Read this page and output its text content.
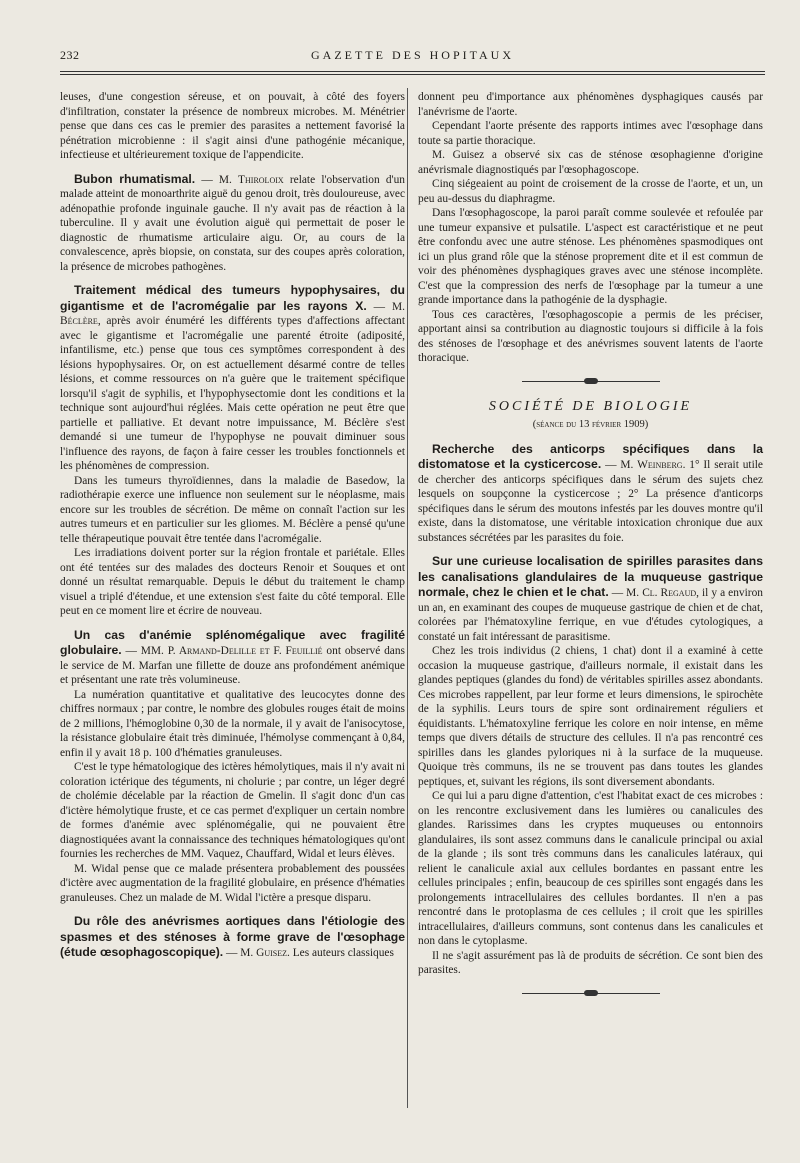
232	GAZETTE DES HOPITAUX

leuses, d'une congestion séreuse, et on pouvait, à côté des foyers d'infiltration, constater la présence de nombreux microbes. M. Ménétrier pense que dans ces cas le premier des parasites a nettement favorisé la pénétration microbienne : il s'agit ainsi d'une pathogénie mécanique, infectieuse et ultérieurement toxique de l'appendicite.

Bubon rhumatismal. — M. Thiroloix relate l'observation d'un malade atteint de monoarthrite aiguë du genou droit, très douloureuse, avec adénopathie profonde inguinale gauche. Il n'y avait pas de réaction à la tuberculine. Il y avait une évolution aiguë qui permettait de poser le diagnostic de rhumatisme articulaire aigu. Or, au cours de la convalescence, après biopsie, on constata, sur des coupes après coloration, la présence de microbes pathogènes.

Traitement médical des tumeurs hypophysaires, du gigantisme et de l'acromégalie par les rayons X. — M. Béclère, après avoir énuméré les différents types d'affections affectant avec le gigantisme et l'acromégalie une parenté étroite (adiposité, infantilisme, etc.) pense que tous ces symptômes correspondent à des lésions hypophysaires. Or, on est actuellement désarmé contre de telles lésions, et comme ressources on n'a guère que le traitement spécifique lorsqu'il s'agit de syphilis, et l'hypophysectomie dont les conditions et la technique sont aujourd'hui réglées. Mais cette opération ne peut être que partielle et palliative. Et devant notre impuissance, M. Béclère s'est demandé si une tumeur de l'hypophyse ne pouvait diminuer sous l'influence des rayons, de façon à faire cesser les troubles fonctionnels et les phénomènes de compression.

Dans les tumeurs thyroïdiennes, dans la maladie de Basedow, la radiothérapie exerce une influence non seulement sur le néoplasme, mais encore sur les troubles de sécrétion. De même on connaît l'action sur les autres tumeurs et en particulier sur les gliomes. M. Béclère a pensé qu'une telle thérapeutique pouvait être tentée dans l'acromégalie.

Les irradiations doivent porter sur la région frontale et pariétale. Elles ont été tentées sur des malades des docteurs Renoir et Souques et ont donné un résultat remarquable. Depuis le début du traitement le champ visuel a triplé d'étendue, et une extension s'est faite du côté temporal. Elle peut en ce moment lire et écrire de nouveau.

Un cas d'anémie splénomégalique avec fragilité globulaire. — MM. P. Armand-Delille et F. Feuillié ont observé dans le service de M. Marfan une fillette de douze ans profondément anémique et présentant une rate très volumineuse.

La numération quantitative et qualitative des leucocytes donne des chiffres normaux ; par contre, le nombre des globules rouges était de moins de 2 millions, l'hémoglobine 0,30 de la normale, il y avait de l'anisocytose, la résistance globulaire était très diminuée, l'hémolyse commençant à 0,84, enfin il y avait 18 p. 100 d'hématies granuleuses.

C'est le type hématologique des ictères hémolytiques, mais il n'y avait ni coloration ictérique des téguments, ni cholurie ; par contre, un léger degré de cholémie décelable par la réaction de Gmelin. Il s'agit donc d'un cas d'ictère hémolytique fruste, et ce cas permet d'expliquer un certain nombre de formes d'anémie avec splénomégalie, qui ne pouvaient être diagnostiquées avant la connaissance des techniques hématologiques qu'ont fournies les recherches de MM. Vaquez, Chauffard, Widal et leurs élèves.

M. Widal pense que ce malade présentera probablement des poussées d'ictère avec augmentation de la fragilité globulaire, en présence d'hématies granuleuses. Chez un malade de M. Widal l'ictère a presque disparu.

Du rôle des anévrismes aortiques dans l'étiologie des spasmes et des sténoses à forme grave de l'œsophage (étude œsophagoscopique). — M. Guisez. Les auteurs classiques

donnent peu d'importance aux phénomènes dysphagiques causés par l'anévrisme de l'aorte.

Cependant l'aorte présente des rapports intimes avec l'œsophage dans toute sa partie thoracique.

M. Guisez a observé six cas de sténose œsophagienne d'origine anévrismale diagnostiqués par l'œsophagoscope.

Cinq siégeaient au point de croisement de la crosse de l'aorte, et un, un peu au-dessus du diaphragme.

Dans l'œsophagoscope, la paroi paraît comme soulevée et refoulée par une tumeur expansive et pulsatile. L'aspect est caractéristique et ne peut être confondu avec une autre sténose. Les phénomènes spasmodiques ont ici un plus grand rôle que la sténose proprement dite et il est commun de voir des phénomènes dysphagiques graves avec une sténose incomplète. C'est que la compression des nerfs de l'œsophage par la tumeur a une grande importance dans la pathogénie de la dysphagie.

Tous ces caractères, l'œsophagoscopie a permis de les préciser, apportant ainsi sa contribution au diagnostic toujours si difficile à la fois des sténoses de l'œsophage et des anévrismes souvent latents de l'aorte thoracique.

SOCIÉTÉ DE BIOLOGIE
(séance du 13 février 1909)

Recherche des anticorps spécifiques dans la distomatose et la cysticercose. — M. Weinberg. 1° Il serait utile de chercher des anticorps spécifiques dans le sérum des sujets chez lesquels on soupçonne la cysticercose ; 2° La présence d'anticorps spécifiques dans le sérum des moutons infestés par les douves montre qu'il existe, dans la distomatose, une véritable intoxication chronique due aux substances sécrétées par les parasites du foie.

Sur une curieuse localisation de spirilles parasites dans les canalisations glandulaires de la muqueuse gastrique normale, chez le chien et le chat. — M. Cl. Regaud, il y a environ un an, en examinant des coupes de muqueuse gastrique de chien et de chat, colorées par l'hématoxyline ferrique, en vue d'études cytologiques, a constaté un fait intéressant de parasitisme.

Chez les trois individus (2 chiens, 1 chat) dont il a examiné à cette occasion la muqueuse gastrique, d'ailleurs normale, il existait dans les glandes peptiques (glandes du fond) de véritables spirilles assez abondants. Ces microbes rappellent, par leur forme et leurs dimensions, le spirochète de la syphilis. Leurs tours de spire sont ordinairement réguliers et équidistants. L'hématoxyline ferrique les colore en noir intense, en même temps que divers détails de structure des cellules. Il n'a pas rencontré ces spirilles dans les glandes pyloriques ni à la surface de la muqueuse. Quoique très communs, ils ne se trouvent pas dans toutes les glandes peptiques, et, suivant les régions, ils sont diversement abondants.

Ce qui lui a paru digne d'attention, c'est l'habitat exact de ces microbes : on les rencontre exclusivement dans les lumières ou canalicules des glandes. Rarissimes dans les cryptes muqueuses ou entonnoirs glandulaires, ils sont assez communs dans le canalicule principal ou axial de la glande ; ils sont très communs dans les canalicules latéraux, qui relient le canalicule axial aux cellules bordantes en passant entre les cellules principales ; enfin, beaucoup de ces spirilles sont engagés dans les prolongements intracellulaires des cellules bordantes. Il n'en a pas rencontré dans le protoplasma de ces cellules ; il croit que les spirilles intracellulaires, d'ailleurs communs, sont contenus dans les canalicules et non dans le cytoplasme.

Il ne s'agit assurément pas là de produits de sécrétion. Ce sont bien des parasites.
